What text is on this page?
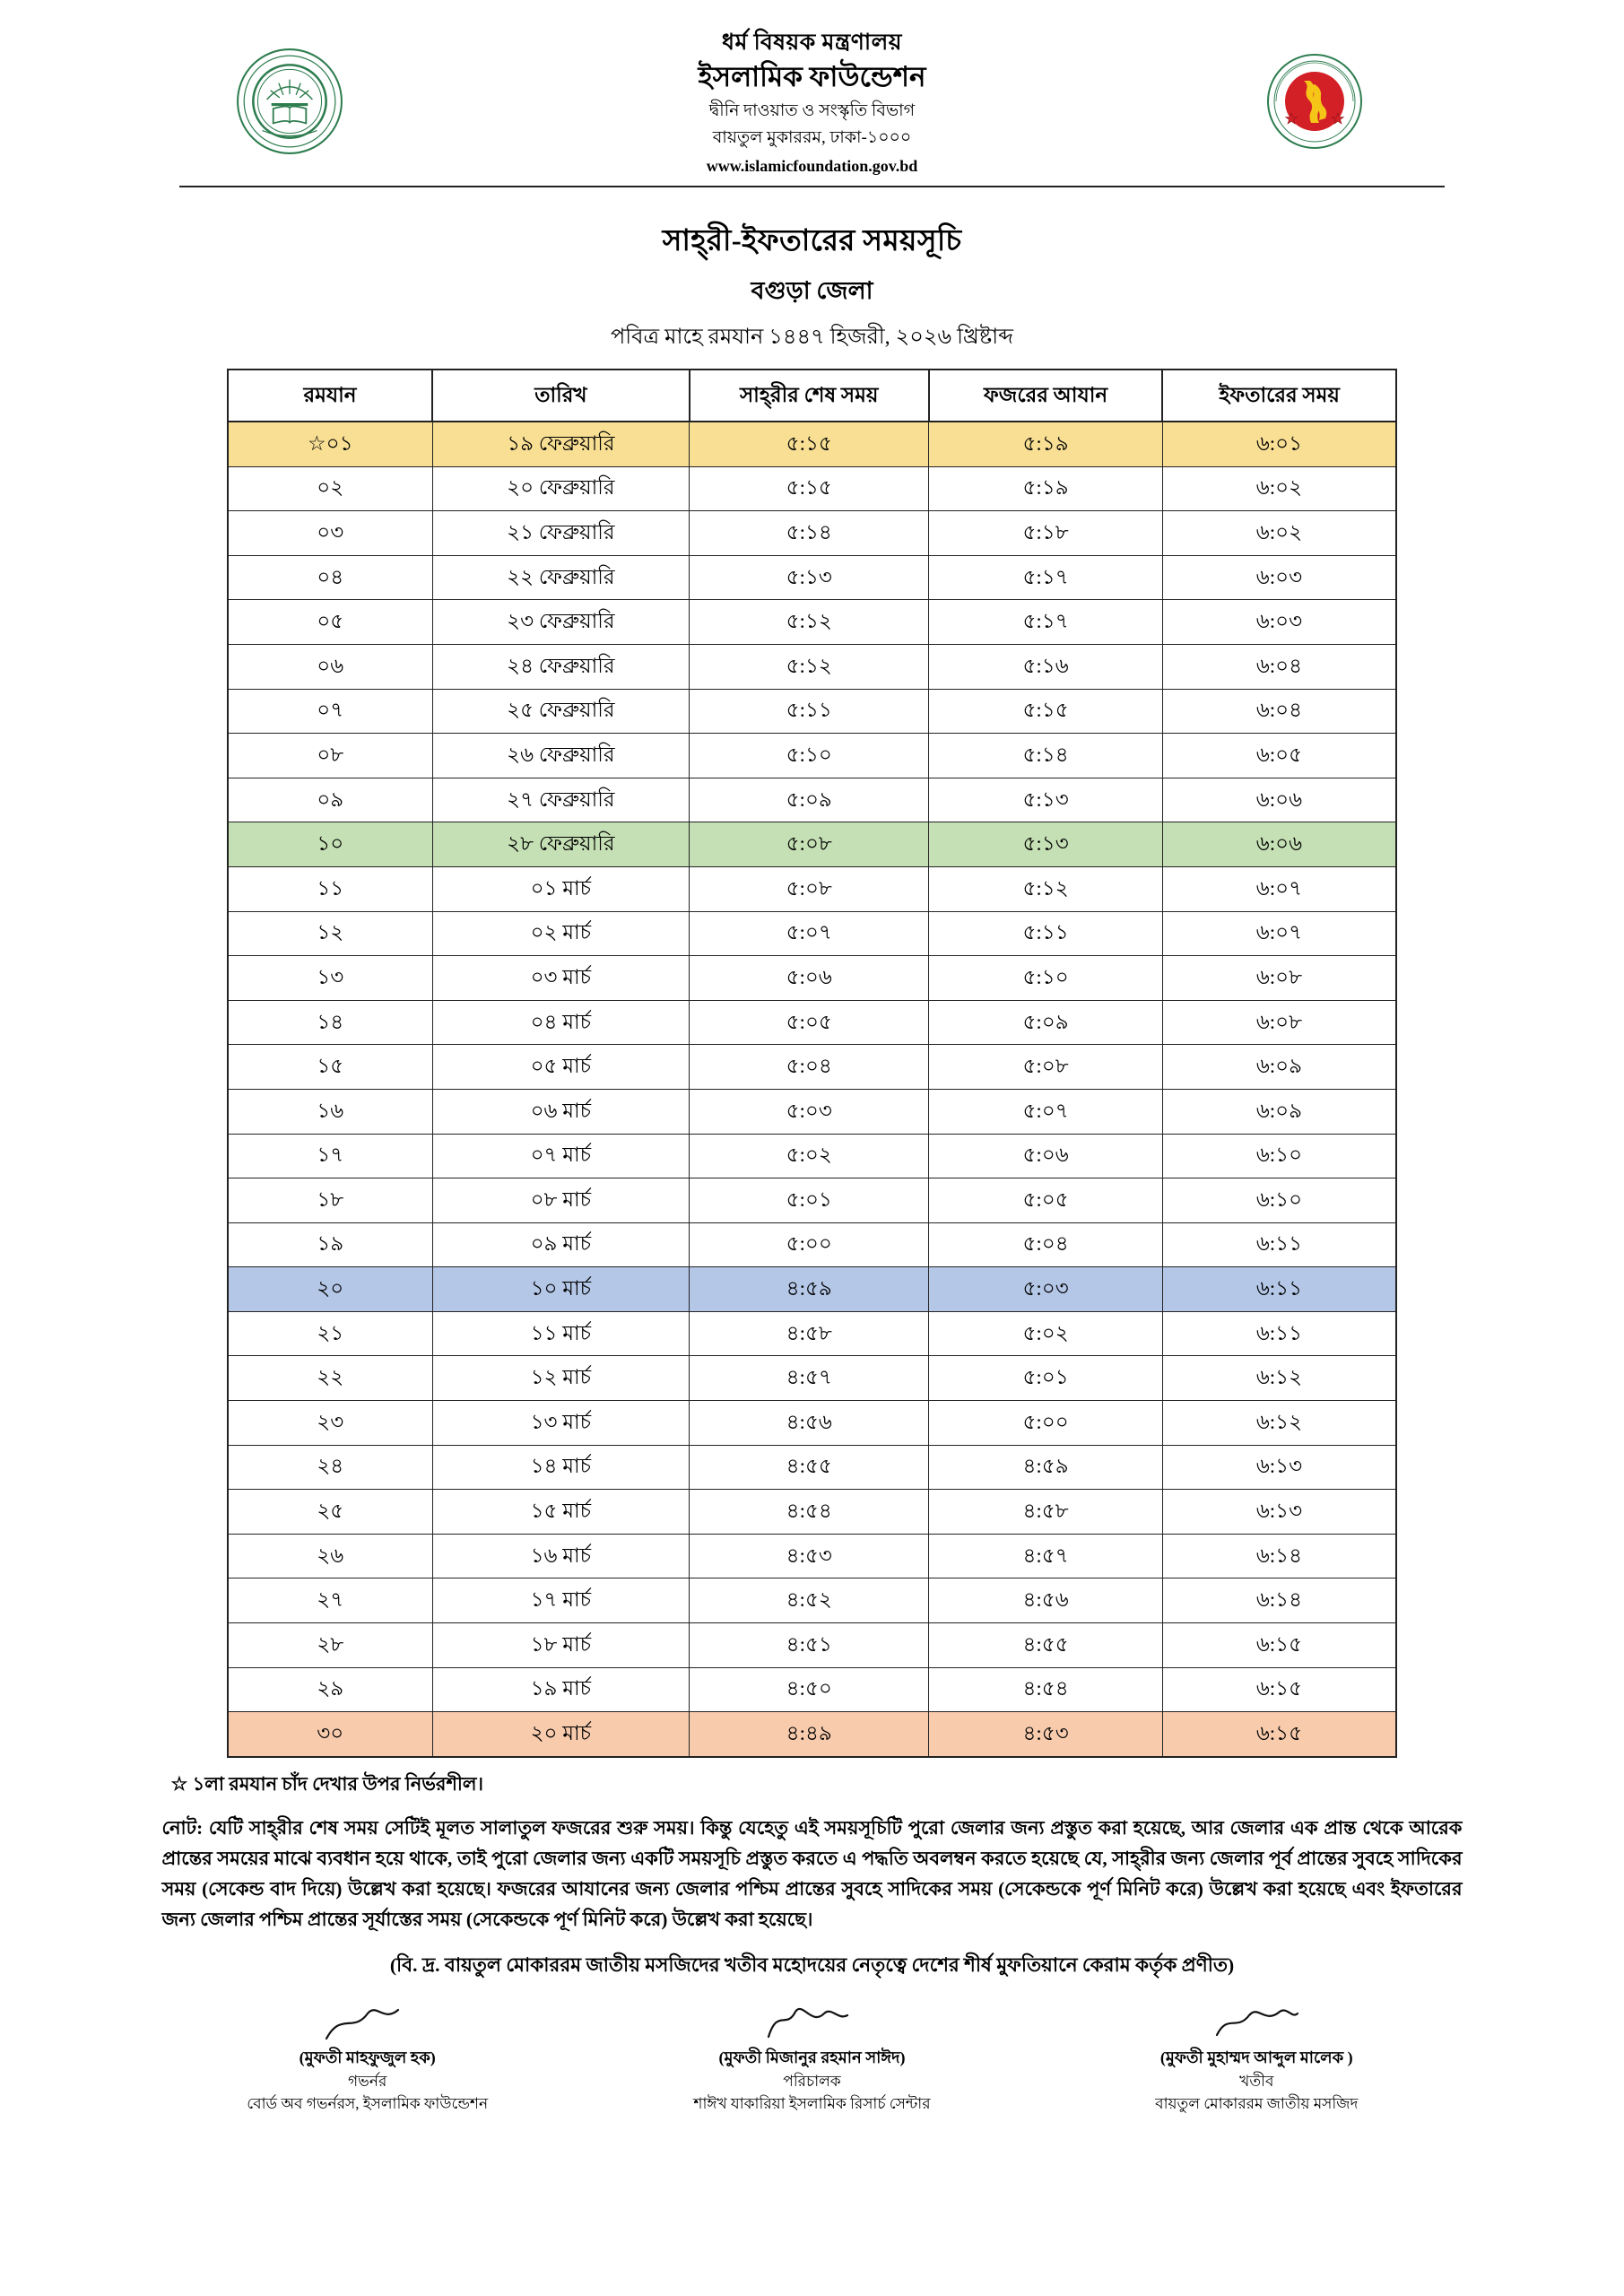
ধর্ম বিষয়ক মন্ত্রণালয়
ইসলামিক ফাউন্ডেশন
দ্বীনি দাওয়াত ও সংস্কৃতি বিভাগ
বায়তুল মুকাররম, ঢাকা-১০০০
www.islamicfoundation.gov.bd
সাহ্‌রী-ইফতারের সময়সূচি
বগুড়া জেলা
পবিত্র মাহে রমযান ১৪৪৭ হিজরী, ২০২৬ খ্রিষ্টাব্দ
রমযান	তারিখ	সাহ্‌রীর শেষ সময়	ফজরের আযান	ইফতারের সময়
☆০১	১৯ ফেব্রুয়ারি	৫:১৫	৫:১৯	৬:০১
০২	২০ ফেব্রুয়ারি	৫:১৫	৫:১৯	৬:০২
০৩	২১ ফেব্রুয়ারি	৫:১৪	৫:১৮	৬:০২
০৪	২২ ফেব্রুয়ারি	৫:১৩	৫:১৭	৬:০৩
০৫	২৩ ফেব্রুয়ারি	৫:১২	৫:১৭	৬:০৩
০৬	২৪ ফেব্রুয়ারি	৫:১২	৫:১৬	৬:০৪
০৭	২৫ ফেব্রুয়ারি	৫:১১	৫:১৫	৬:০৪
০৮	২৬ ফেব্রুয়ারি	৫:১০	৫:১৪	৬:০৫
০৯	২৭ ফেব্রুয়ারি	৫:০৯	৫:১৩	৬:০৬
১০	২৮ ফেব্রুয়ারি	৫:০৮	৫:১৩	৬:০৬
১১	০১ মার্চ	৫:০৮	৫:১২	৬:০৭
১২	০২ মার্চ	৫:০৭	৫:১১	৬:০৭
১৩	০৩ মার্চ	৫:০৬	৫:১০	৬:০৮
১৪	০৪ মার্চ	৫:০৫	৫:০৯	৬:০৮
১৫	০৫ মার্চ	৫:০৪	৫:০৮	৬:০৯
১৬	০৬ মার্চ	৫:০৩	৫:০৭	৬:০৯
১৭	০৭ মার্চ	৫:০২	৫:০৬	৬:১০
১৮	০৮ মার্চ	৫:০১	৫:০৫	৬:১০
১৯	০৯ মার্চ	৫:০০	৫:০৪	৬:১১
২০	১০ মার্চ	৪:৫৯	৫:০৩	৬:১১
২১	১১ মার্চ	৪:৫৮	৫:০২	৬:১১
২২	১২ মার্চ	৪:৫৭	৫:০১	৬:১২
২৩	১৩ মার্চ	৪:৫৬	৫:০০	৬:১২
২৪	১৪ মার্চ	৪:৫৫	৪:৫৯	৬:১৩
২৫	১৫ মার্চ	৪:৫৪	৪:৫৮	৬:১৩
২৬	১৬ মার্চ	৪:৫৩	৪:৫৭	৬:১৪
২৭	১৭ মার্চ	৪:৫২	৪:৫৬	৬:১৪
২৮	১৮ মার্চ	৪:৫১	৪:৫৫	৬:১৫
২৯	১৯ মার্চ	৪:৫০	৪:৫৪	৬:১৫
৩০	২০ মার্চ	৪:৪৯	৪:৫৩	৬:১৫
☆ ১লা রমযান চাঁদ দেখার উপর নির্ভরশীল।
নোট: যেটি সাহ্‌রীর শেষ সময় সেটিই মূলত সালাতুল ফজরের শুরু সময়। কিন্তু যেহেতু এই সময়সূচিটি পুরো জেলার জন্য প্রস্তুত করা হয়েছে, আর জেলার এক প্রান্ত থেকে আরেক প্রান্তের সময়ের মাঝে ব্যবধান হয়ে থাকে, তাই পুরো জেলার জন্য একটি সময়সূচি প্রস্তুত করতে এ পদ্ধতি অবলম্বন করতে হয়েছে যে, সাহ্‌রীর জন্য জেলার পূর্ব প্রান্তের সুবহে সাদিকের সময় (সেকেন্ড বাদ দিয়ে) উল্লেখ করা হয়েছে। ফজরের আযানের জন্য জেলার পশ্চিম প্রান্তের সুবহে সাদিকের সময় (সেকেন্ডকে পূর্ণ মিনিট করে) উল্লেখ করা হয়েছে এবং ইফতারের জন্য জেলার পশ্চিম প্রান্তের সূর্যাস্তের সময় (সেকেন্ডকে পূর্ণ মিনিট করে) উল্লেখ করা হয়েছে।
(বি. দ্র. বায়তুল মোকাররম জাতীয় মসজিদের খতীব মহোদয়ের নেতৃত্বে দেশের শীর্ষ মুফতিয়ানে কেরাম কর্তৃক প্রণীত)
(মুফতী মাহফুজুল হক)
গভর্নর
বোর্ড অব গভর্নরস, ইসলামিক ফাউন্ডেশন
(মুফতী মিজানুর রহমান সাঈদ)
পরিচালক
শাঈখ যাকারিয়া ইসলামিক রিসার্চ সেন্টার
(মুফতী মুহাম্মদ আব্দুল মালেক )
খতীব
বায়তুল মোকাররম জাতীয় মসজিদ
